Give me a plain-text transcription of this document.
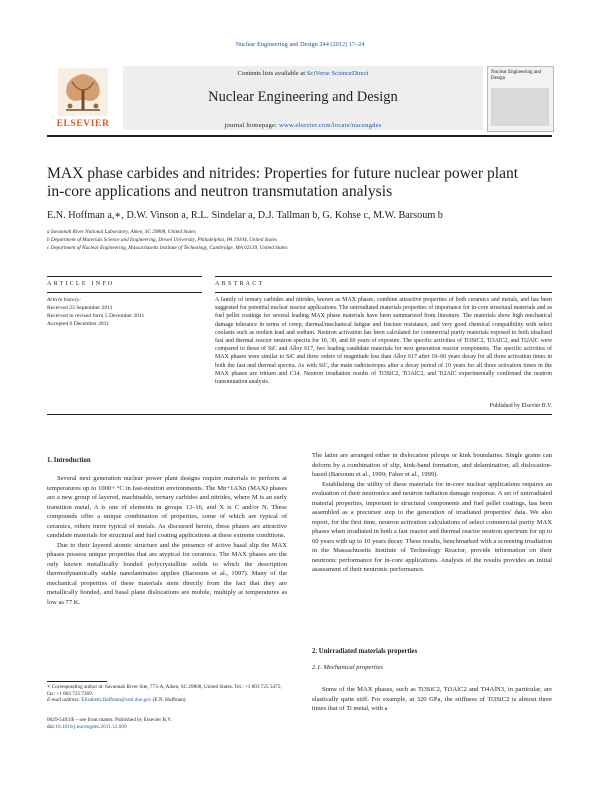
Nuclear Engineering and Design 244 (2012) 17–24
ELSEVIER
Contents lists available at SciVerse ScienceDirect
Nuclear Engineering and Design
journal homepage: www.elsevier.com/locate/nucengdes
Nuclear Engineering and Design
MAX phase carbides and nitrides: Properties for future nuclear power plant
in-core applications and neutron transmutation analysis
E.N. Hoffman a,∗, D.W. Vinson a, R.L. Sindelar a, D.J. Tallman b, G. Kohse c, M.W. Barsoum b
a Savannah River National Laboratory, Aiken, SC 29808, United States
b Department of Materials Science and Engineering, Drexel University, Philadelphia, PA 19104, United States
c Department of Nuclear Engineering, Massachusetts Institute of Technology, Cambridge, MA 02139, United States
ARTICLE INFO	ABSTRACT
Article history:
Received 23 September 2011
Received in revised form 5 December 2011
Accepted 6 December 2011
A family of ternary carbides and nitrides, known as MAX phases, combine attractive properties of both ceramics and metals, and has been suggested for potential nuclear reactor applications. The unirradiated materials properties of importance for in-core structural materials and as fuel pellet coatings for several leading MAX phase materials have been summarized from literature. The materials show high mechanical damage tolerance in terms of creep, thermal/mechanical fatigue and fracture resistance, and very good chemical compatibility with select coolants such as molten lead and sodium. Neutron activation has been calculated for commercial purity materials exposed to both idealized fast and thermal reactor neutron spectra for 10, 30, and 60 years of exposure. The specific activities of Ti3SiC2, Ti3AlC2, and Ti2AlC were compared to those of SiC and Alloy 617, two leading candidate materials for next generation reactor components. The specific activities of MAX phases were similar to SiC and three orders of magnitude less than Alloy 617 after 10–60 years decay for all three activation times in both the fast and thermal spectra. As with SiC, the main radioisotopes after a decay period of 10 years for all three activation times in the MAX phases are tritium and C14. Neutron irradiation results of Ti3SiC2, Ti3AlC2, and Ti2AlC experimentally confirmed the neutron transmutation analysis.
Published by Elsevier B.V.
1. Introduction

Several next generation nuclear power plant designs require materials to perform at temperatures up to 1000+ °C in fast-neutron environments. The Mn+1AXn (MAX) phases are a new group of layered, machinable, ternary carbides and nitrides, where M is an early transition metal, A is one of elements in groups 13–16, and X is C and/or N. These compounds offer a unique combination of properties, some of which are typical of ceramics, others more typical of metals. As discussed herein, these phases are attractive candidate materials for structural and fuel coating applications at these extreme conditions.

Due to their layered atomic structure and the presence of active basal slip the MAX phases possess unique properties that are atypical for ceramics. The MAX phases are the only known metallically bonded polycrystalline solids to which the description thermodynamically stable nanolaminates applies (Barsoum et al., 1997). Many of the mechanical properties of these materials stem directly from the fact that they are metallically bonded, and basal plane dislocations are mobile, multiply at temperatures as low as 77 K.

∗ Corresponding author at: Savannah River Site, 773-A, Aiken, SC 29808, United States. Tel.: +1 803 725 5475; fax: +1 803 725 7369.
E-mail address: Elizabeth.Hoffman@srnl.doe.gov (E.N. Hoffman).
0029-5493/$ – see front matter. Published by Elsevier B.V.
doi:10.1016/j.nucengdes.2011.12.009

The latter are arranged either in dislocation pileups or kink boundaries. Single grains can deform by a combination of slip, kink-band formation, and delamination; all dislocation-based (Barsoum et al., 1999; Faber et al., 1999).

Establishing the utility of these materials for in-core nuclear applications requires an evaluation of their neutronics and neutron radiation damage response. A set of unirradiated material properties, important to structural components and fuel pellet coatings, has been assembled as a precursor step to the generation of irradiated properties' data. We also report, for the first time, neutron activation calculations of select commercial purity MAX phases when irradiated in both a fast reactor and thermal reactor neutron spectrum for up to 60 years with up to 10 years decay. These results, benchmarked with a screening irradiation in the Massachusetts Institute of Technology Reactor, provide information on their neutronic performance for in-core applications. Analysis of the results provides an initial assessment of their neutronic performance.

2. Unirradiated materials properties
2.1. Mechanical properties

Some of the MAX phases, such as Ti3SiC2, Ti3AlC2 and Ti4AlN3, in particular, are elastically quite stiff. For example, at 320 GPa, the stiffness of Ti3SiC2 is almost three times that of Ti metal, with a
